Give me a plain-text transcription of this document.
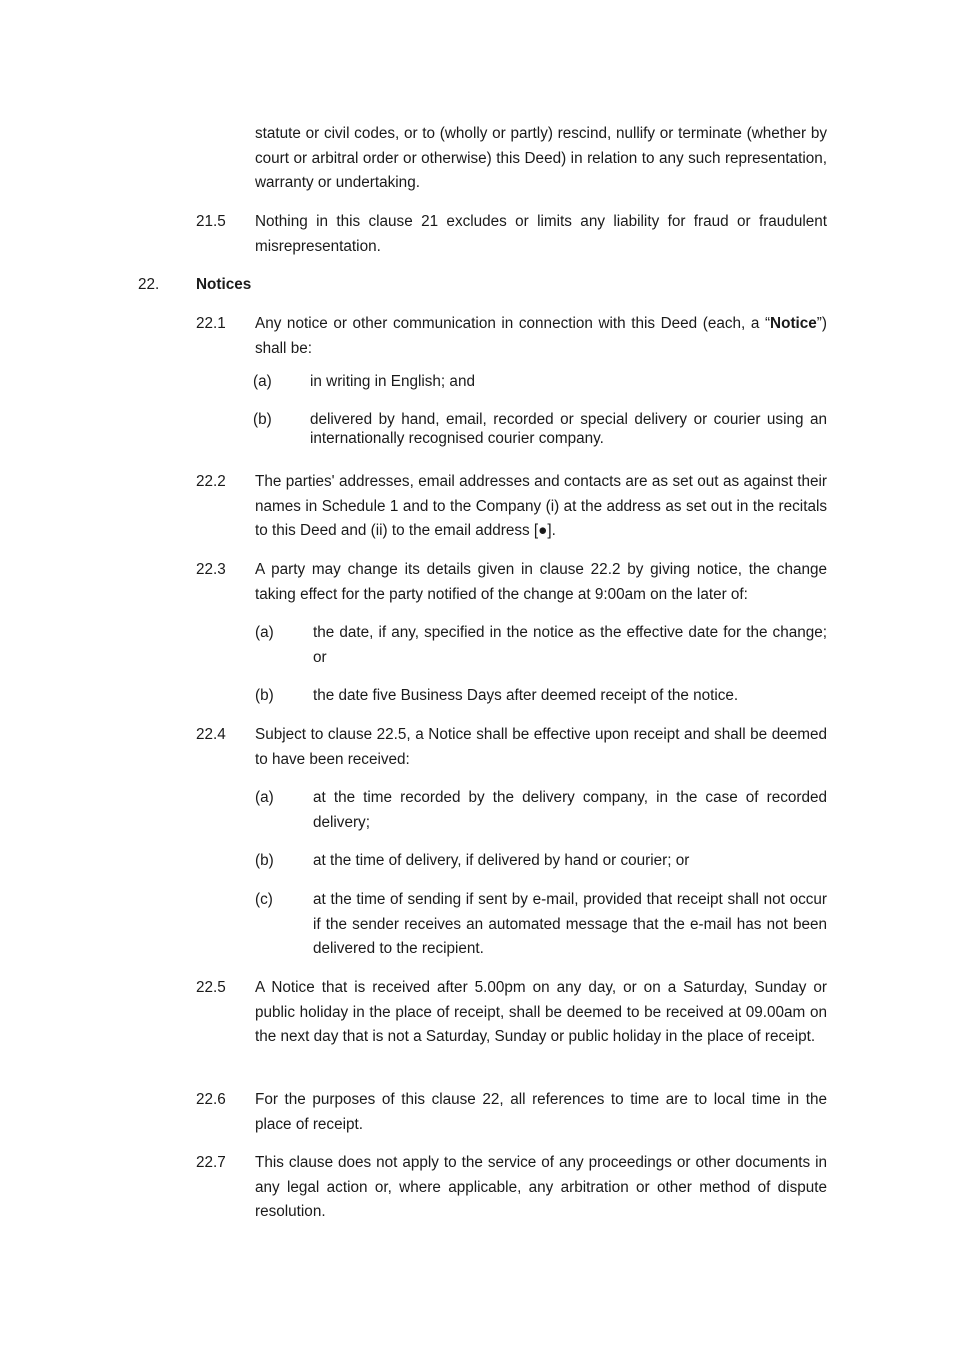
statute or civil codes, or to (wholly or partly) rescind, nullify or terminate (whether by court or arbitral order or otherwise) this Deed) in relation to any such representation, warranty or undertaking.

21.5 Nothing in this clause 21 excludes or limits any liability for fraud or fraudulent misrepresentation.

22. Notices

22.1 Any notice or other communication in connection with this Deed (each, a “Notice”) shall be:

(a)	in writing in English; and

(b)	delivered by hand, email, recorded or special delivery or courier using an internationally recognised courier company.

22.2 The parties' addresses, email addresses and contacts are as set out as against their names in Schedule 1 and to the Company (i) at the address as set out in the recitals to this Deed and (ii) to the email address [●].

22.3 A party may change its details given in clause 22.2 by giving notice, the change taking effect for the party notified of the change at 9:00am on the later of:

(a)	the date, if any, specified in the notice as the effective date for the change; or

(b)	the date five Business Days after deemed receipt of the notice.

22.4 Subject to clause 22.5, a Notice shall be effective upon receipt and shall be deemed to have been received:

(a)	at the time recorded by the delivery company, in the case of recorded delivery;

(b)	at the time of delivery, if delivered by hand or courier; or

(c)	at the time of sending if sent by e-mail, provided that receipt shall not occur if the sender receives an automated message that the e-mail has not been delivered to the recipient.

22.5 A Notice that is received after 5.00pm on any day, or on a Saturday, Sunday or public holiday in the place of receipt, shall be deemed to be received at 09.00am on the next day that is not a Saturday, Sunday or public holiday in the place of receipt.

22.6 For the purposes of this clause 22, all references to time are to local time in the place of receipt.

22.7 This clause does not apply to the service of any proceedings or other documents in any legal action or, where applicable, any arbitration or other method of dispute resolution.
